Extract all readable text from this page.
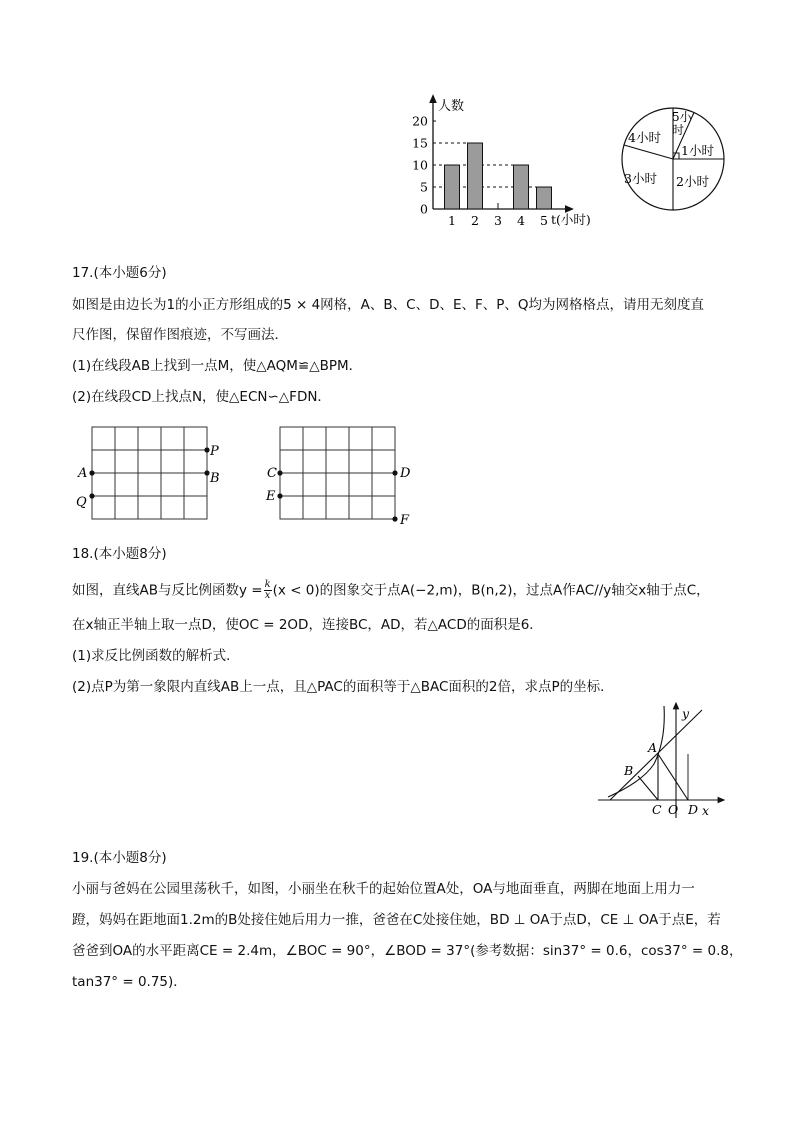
0
5
10
15
20
1 2 3 4 5
人数
t(小时)
4小时
5小 时
1小时
3小时 2小时
17.(本小题6分)
如图是由边长为1的小正方形组成的5 × 4网格，A、B、C、D、E、F、P、Q均为网格格点，请用无刻度直
尺作图，保留作图痕迹，不写画法．
(1)在线段AB上找到一点M，使△AQM≌△BPM．
(2)在线段CD上找点N，使△ECN∽△FDN．
P
B
A
Q
C	D
E
F
18.(本小题8分)
如图，直线AB与反比例函数$y = \frac{k}{x} (x < 0)$的图象交于点A(−2,m)，B(n,2)，过点A作AC//y轴交x轴于点C，
在x轴正半轴上取一点D，使OC = 2OD，连接BC，AD，若△ACD的面积是6．
(1)求反比例函数的解析式．
(2)点P为第一象限内直线AB上一点，且△PAC的面积等于△BAC面积的2倍，求点P的坐标．
y
A
B
C O D x
19.(本小题8分)
小丽与爸妈在公园里荡秋千，如图，小丽坐在秋千的起始位置A处，OA与地面垂直，两脚在地面上用力一
蹬，妈妈在距地面1.2m的B处接住她后用力一推，爸爸在C处接住她，BD ⊥ OA于点D，CE ⊥ OA于点E，若
爸爸到OA的水平距离CE = 2.4m，∠BOC = 90°，∠BOD = 37°(参考数据：sin37° = 0.6，cos37° = 0.8，
tan37° = 0.75)．
